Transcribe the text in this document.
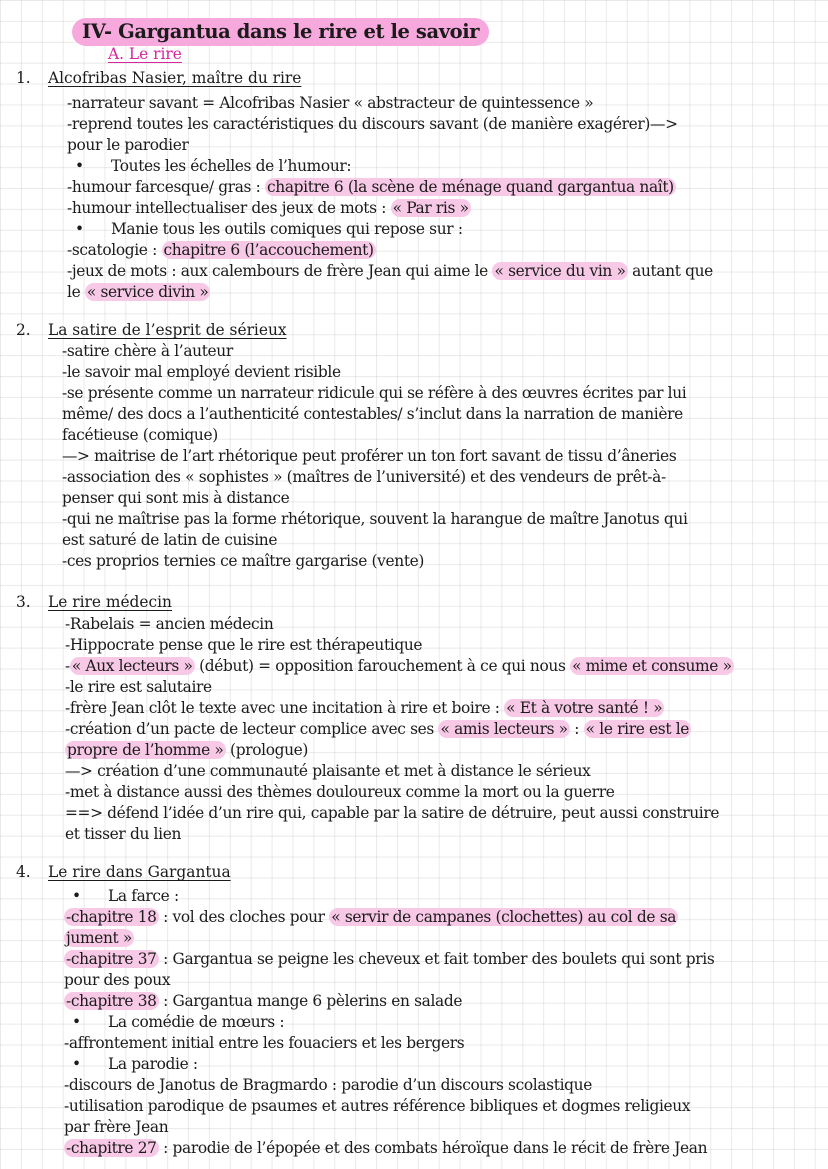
IV- Gargantua dans le rire et le savoir
A. Le rire
1. Alcofribas Nasier, maître du rire
-narrateur savant = Alcofribas Nasier « abstracteur de quintessence »
-reprend toutes les caractéristiques du discours savant (de manière exagérer)—>
pour le parodier
• Toutes les échelles de l’humour:
-humour farcesque/ gras : chapitre 6 (la scène de ménage quand gargantua naît)
-humour intellectualiser des jeux de mots : « Par ris »
• Manie tous les outils comiques qui repose sur :
-scatologie : chapitre 6 (l’accouchement)
-jeux de mots : aux calembours de frère Jean qui aime le « service du vin » autant que
le « service divin »
2. La satire de l’esprit de sérieux
-satire chère à l’auteur
-le savoir mal employé devient risible
-se présente comme un narrateur ridicule qui se réfère à des œuvres écrites par lui
même/ des docs a l’authenticité contestables/ s’inclut dans la narration de manière
facétieuse (comique)
—> maitrise de l’art rhétorique peut proférer un ton fort savant de tissu d’âneries
-association des « sophistes » (maîtres de l’université) et des vendeurs de prêt-à-
penser qui sont mis à distance
-qui ne maîtrise pas la forme rhétorique, souvent la harangue de maître Janotus qui
est saturé de latin de cuisine
-ces proprios ternies ce maître gargarise (vente)
3. Le rire médecin
-Rabelais = ancien médecin
-Hippocrate pense que le rire est thérapeutique
- « Aux lecteurs » (début) = opposition farouchement à ce qui nous « mime et consume »
-le rire est salutaire
-frère Jean clôt le texte avec une incitation à rire et boire : « Et à votre santé ! »
-création d’un pacte de lecteur complice avec ses « amis lecteurs » : « le rire est le
propre de l’homme » (prologue)
—> création d’une communauté plaisante et met à distance le sérieux
-met à distance aussi des thèmes douloureux comme la mort ou la guerre
==> défend l’idée d’un rire qui, capable par la satire de détruire, peut aussi construire
et tisser du lien
4. Le rire dans Gargantua
• La farce :
-chapitre 18 : vol des cloches pour « servir de campanes (clochettes) au col de sa
jument »
-chapitre 37 : Gargantua se peigne les cheveux et fait tomber des boulets qui sont pris
pour des poux
-chapitre 38 : Gargantua mange 6 pèlerins en salade
• La comédie de mœurs :
-affrontement initial entre les fouaciers et les bergers
• La parodie :
-discours de Janotus de Bragmardo : parodie d’un discours scolastique
-utilisation parodique de psaumes et autres référence bibliques et dogmes religieux
par frère Jean
-chapitre 27 : parodie de l’épopée et des combats héroïque dans le récit de frère Jean
